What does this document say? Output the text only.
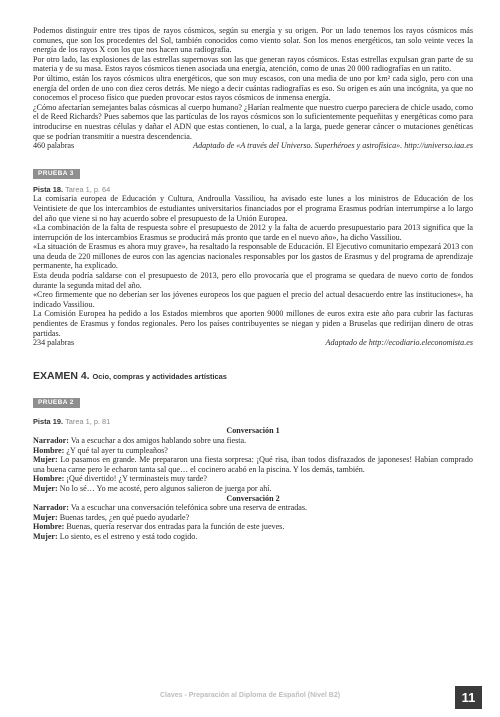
Podemos distinguir entre tres tipos de rayos cósmicos, según su energía y su origen. Por un lado tenemos los rayos cósmicos más comunes, que son los procedentes del Sol, también conocidos como viento solar. Son los menos energéticos, tan solo veinte veces la energía de los rayos X con los que nos hacen una radiografía.

Por otro lado, las explosiones de las estrellas supernovas son las que generan rayos cósmicos. Estas estrellas expulsan gran parte de su materia y de su masa. Estos rayos cósmicos tienen asociada una energía, atención, como de unas 20 000 radiografías en un ratito.

Por último, están los rayos cósmicos ultra energéticos, que son muy escasos, con una media de uno por km² cada siglo, pero con una energía del orden de uno con diez ceros detrás. Me niego a decir cuántas radiografías es eso. Su origen es aún una incógnita, ya que no conocemos el proceso físico que pueden provocar estos rayos cósmicos de inmensa energía.

¿Cómo afectarían semejantes balas cósmicas al cuerpo humano? ¿Harían realmente que nuestro cuerpo pareciera de chicle usado, como el de Reed Richards? Pues sabemos que las partículas de los rayos cósmicos son lo suficientemente pequeñitas y energéticas como para introducirse en nuestras células y dañar el ADN que estas contienen, lo cual, a la larga, puede generar cáncer o mutaciones genéticas que se podrían transmitir a nuestra descendencia.

460 palabras	Adaptado de «A través del Universo. Superhéroes y astrofísica». http://universo.iaa.es
PRUEBA 3
Pista 18. Tarea 1, p. 64

La comisaria europea de Educación y Cultura, Androulla Vassiliou, ha avisado este lunes a los ministros de Educación de los Veintisiete de que los intercambios de estudiantes universitarios financiados por el programa Erasmus podrían interrumpirse a lo largo del año que viene si no hay acuerdo sobre el presupuesto de la Unión Europea.

«La combinación de la falta de respuesta sobre el presupuesto de 2012 y la falta de acuerdo presupuestario para 2013 significa que la interrupción de los intercambios Erasmus se producirá más pronto que tarde en el nuevo año», ha dicho Vassiliou.

«La situación de Erasmus es ahora muy grave», ha resaltado la responsable de Educación. El Ejecutivo comunitario empezará 2013 con una deuda de 220 millones de euros con las agencias nacionales responsables por los gastos de Erasmus y del programa de aprendizaje permanente, ha explicado.

Esta deuda podría saldarse con el presupuesto de 2013, pero ello provocaría que el programa se quedara de nuevo corto de fondos durante la segunda mitad del año.

«Creo firmemente que no deberían ser los jóvenes europeos los que paguen el precio del actual desacuerdo entre las instituciones», ha indicado Vassiliou.

La Comisión Europea ha pedido a los Estados miembros que aporten 9000 millones de euros extra este año para cubrir las facturas pendientes de Erasmus y fondos regionales. Pero los países contribuyentes se niegan y piden a Bruselas que redirijan dinero de otras partidas.

234 palabras	Adaptado de http://ecodiario.eleconomista.es
EXAMEN 4. Ocio, compras y actividades artísticas
PRUEBA 2
Pista 19. Tarea 1, p. 81
Conversación 1

Narrador: Va a escuchar a dos amigos hablando sobre una fiesta.

Hombre: ¿Y qué tal ayer tu cumpleaños?

Mujer: Lo pasamos en grande. Me prepararon una fiesta sorpresa: ¡Qué risa, iban todos disfrazados de japoneses! Habían comprado una buena carne pero le echaron tanta sal que… el cocinero acabó en la piscina. Y los demás, también.

Hombre: ¡Qué divertido! ¿Y terminasteis muy tarde?

Mujer: No lo sé… Yo me acosté, pero algunos salieron de juerga por ahí.

Conversación 2

Narrador: Va a escuchar una conversación telefónica sobre una reserva de entradas.

Mujer: Buenas tardes, ¿en qué puedo ayudarle?

Hombre: Buenas, quería reservar dos entradas para la función de este jueves.

Mujer: Lo siento, es el estreno y está todo cogido.

Claves - Preparación al Diploma de Español (Nivel B2)	11
